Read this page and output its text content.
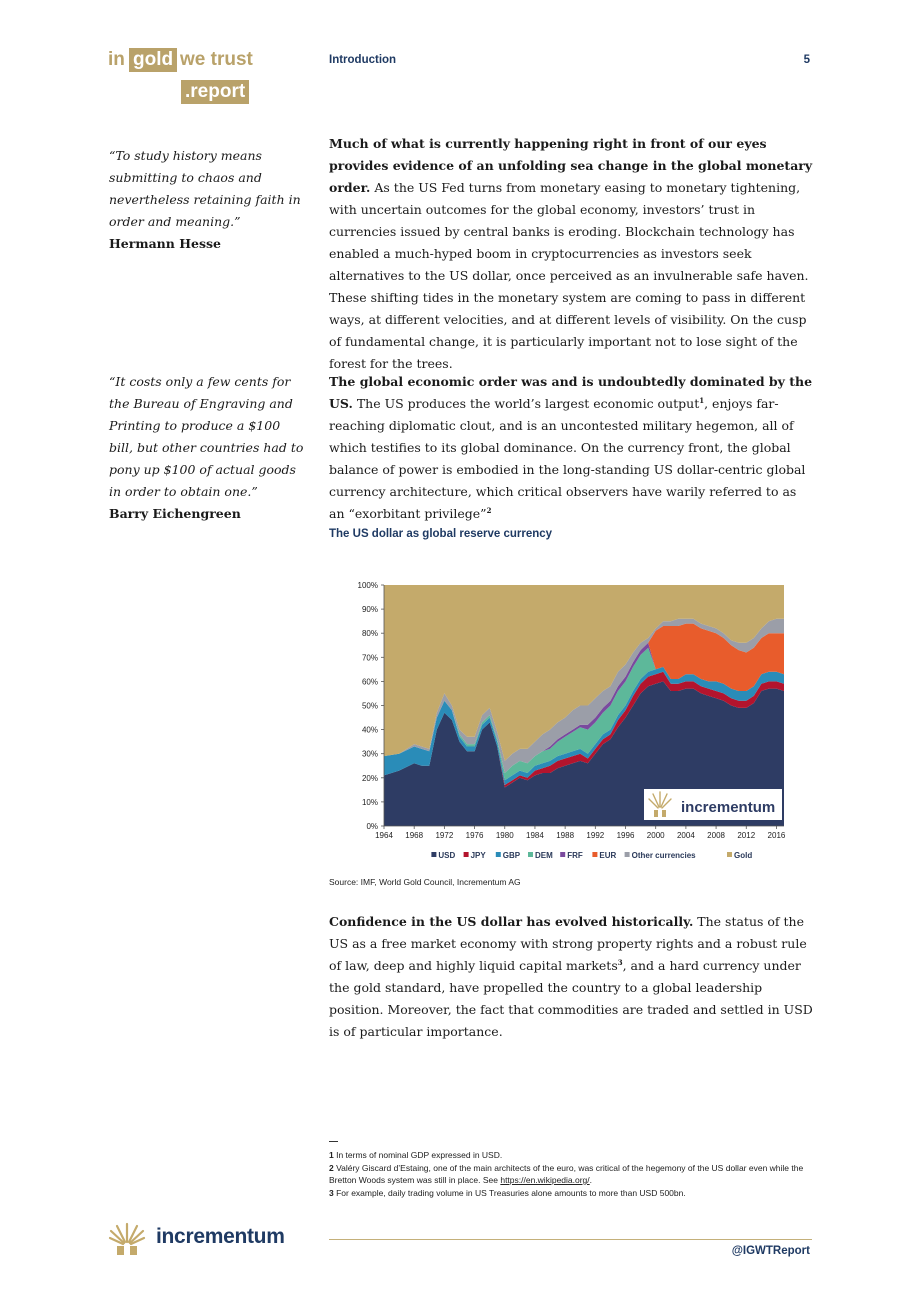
in gold we trust
.report
Introduction	5
“To study history means submitting to chaos and nevertheless retaining faith in order and meaning.”
Hermann Hesse
“It costs only a few cents for the Bureau of Engraving and Printing to produce a $100 bill, but other countries had to pony up $100 of actual goods in order to obtain one.”
Barry Eichengreen
Much of what is currently happening right in front of our eyes provides evidence of an unfolding sea change in the global monetary order. As the US Fed turns from monetary easing to monetary tightening, with uncertain outcomes for the global economy, investors’ trust in currencies issued by central banks is eroding. Blockchain technology has enabled a much-hyped boom in cryptocurrencies as investors seek alternatives to the US dollar, once perceived as an invulnerable safe haven. These shifting tides in the monetary system are coming to pass in different ways, at different velocities, and at different levels of visibility. On the cusp of fundamental change, it is particularly important not to lose sight of the forest for the trees.
The global economic order was and is undoubtedly dominated by the US. The US produces the world’s largest economic output$^1$, enjoys far-reaching diplomatic clout, and is an uncontested military hegemon, all of which testifies to its global dominance. On the currency front, the global balance of power is embodied in the long-standing US dollar-centric global currency architecture, which critical observers have warily referred to as an “exorbitant privilege”$^2$
The US dollar as global reserve currency
0%
10%
20%
30%
40%
50%
60%
70%
80%
90%
100%
1964 1968 1972 1976 1980 1984 1988 1992 1996 2000 2004 2008 2012 2016
USD JPY GBP DEM FRF EUR Other currencies	Gold
incrementum
Source: IMF, World Gold Council, Incrementum AG
Confidence in the US dollar has evolved historically. The status of the US as a free market economy with strong property rights and a robust rule of law, deep and highly liquid capital markets$^3$, and a hard currency under the gold standard, have propelled the country to a global leadership position. Moreover, the fact that commodities are traded and settled in USD is of particular importance.
1 In terms of nominal GDP expressed in USD.
2 Valéry Giscard d’Estaing, one of the main architects of the euro, was critical of the hegemony of the US dollar even while the Bretton Woods system was still in place. See https://en.wikipedia.org/.
3 For example, daily trading volume in US Treasuries alone amounts to more than USD 500bn.
incrementum
@IGWTReport
